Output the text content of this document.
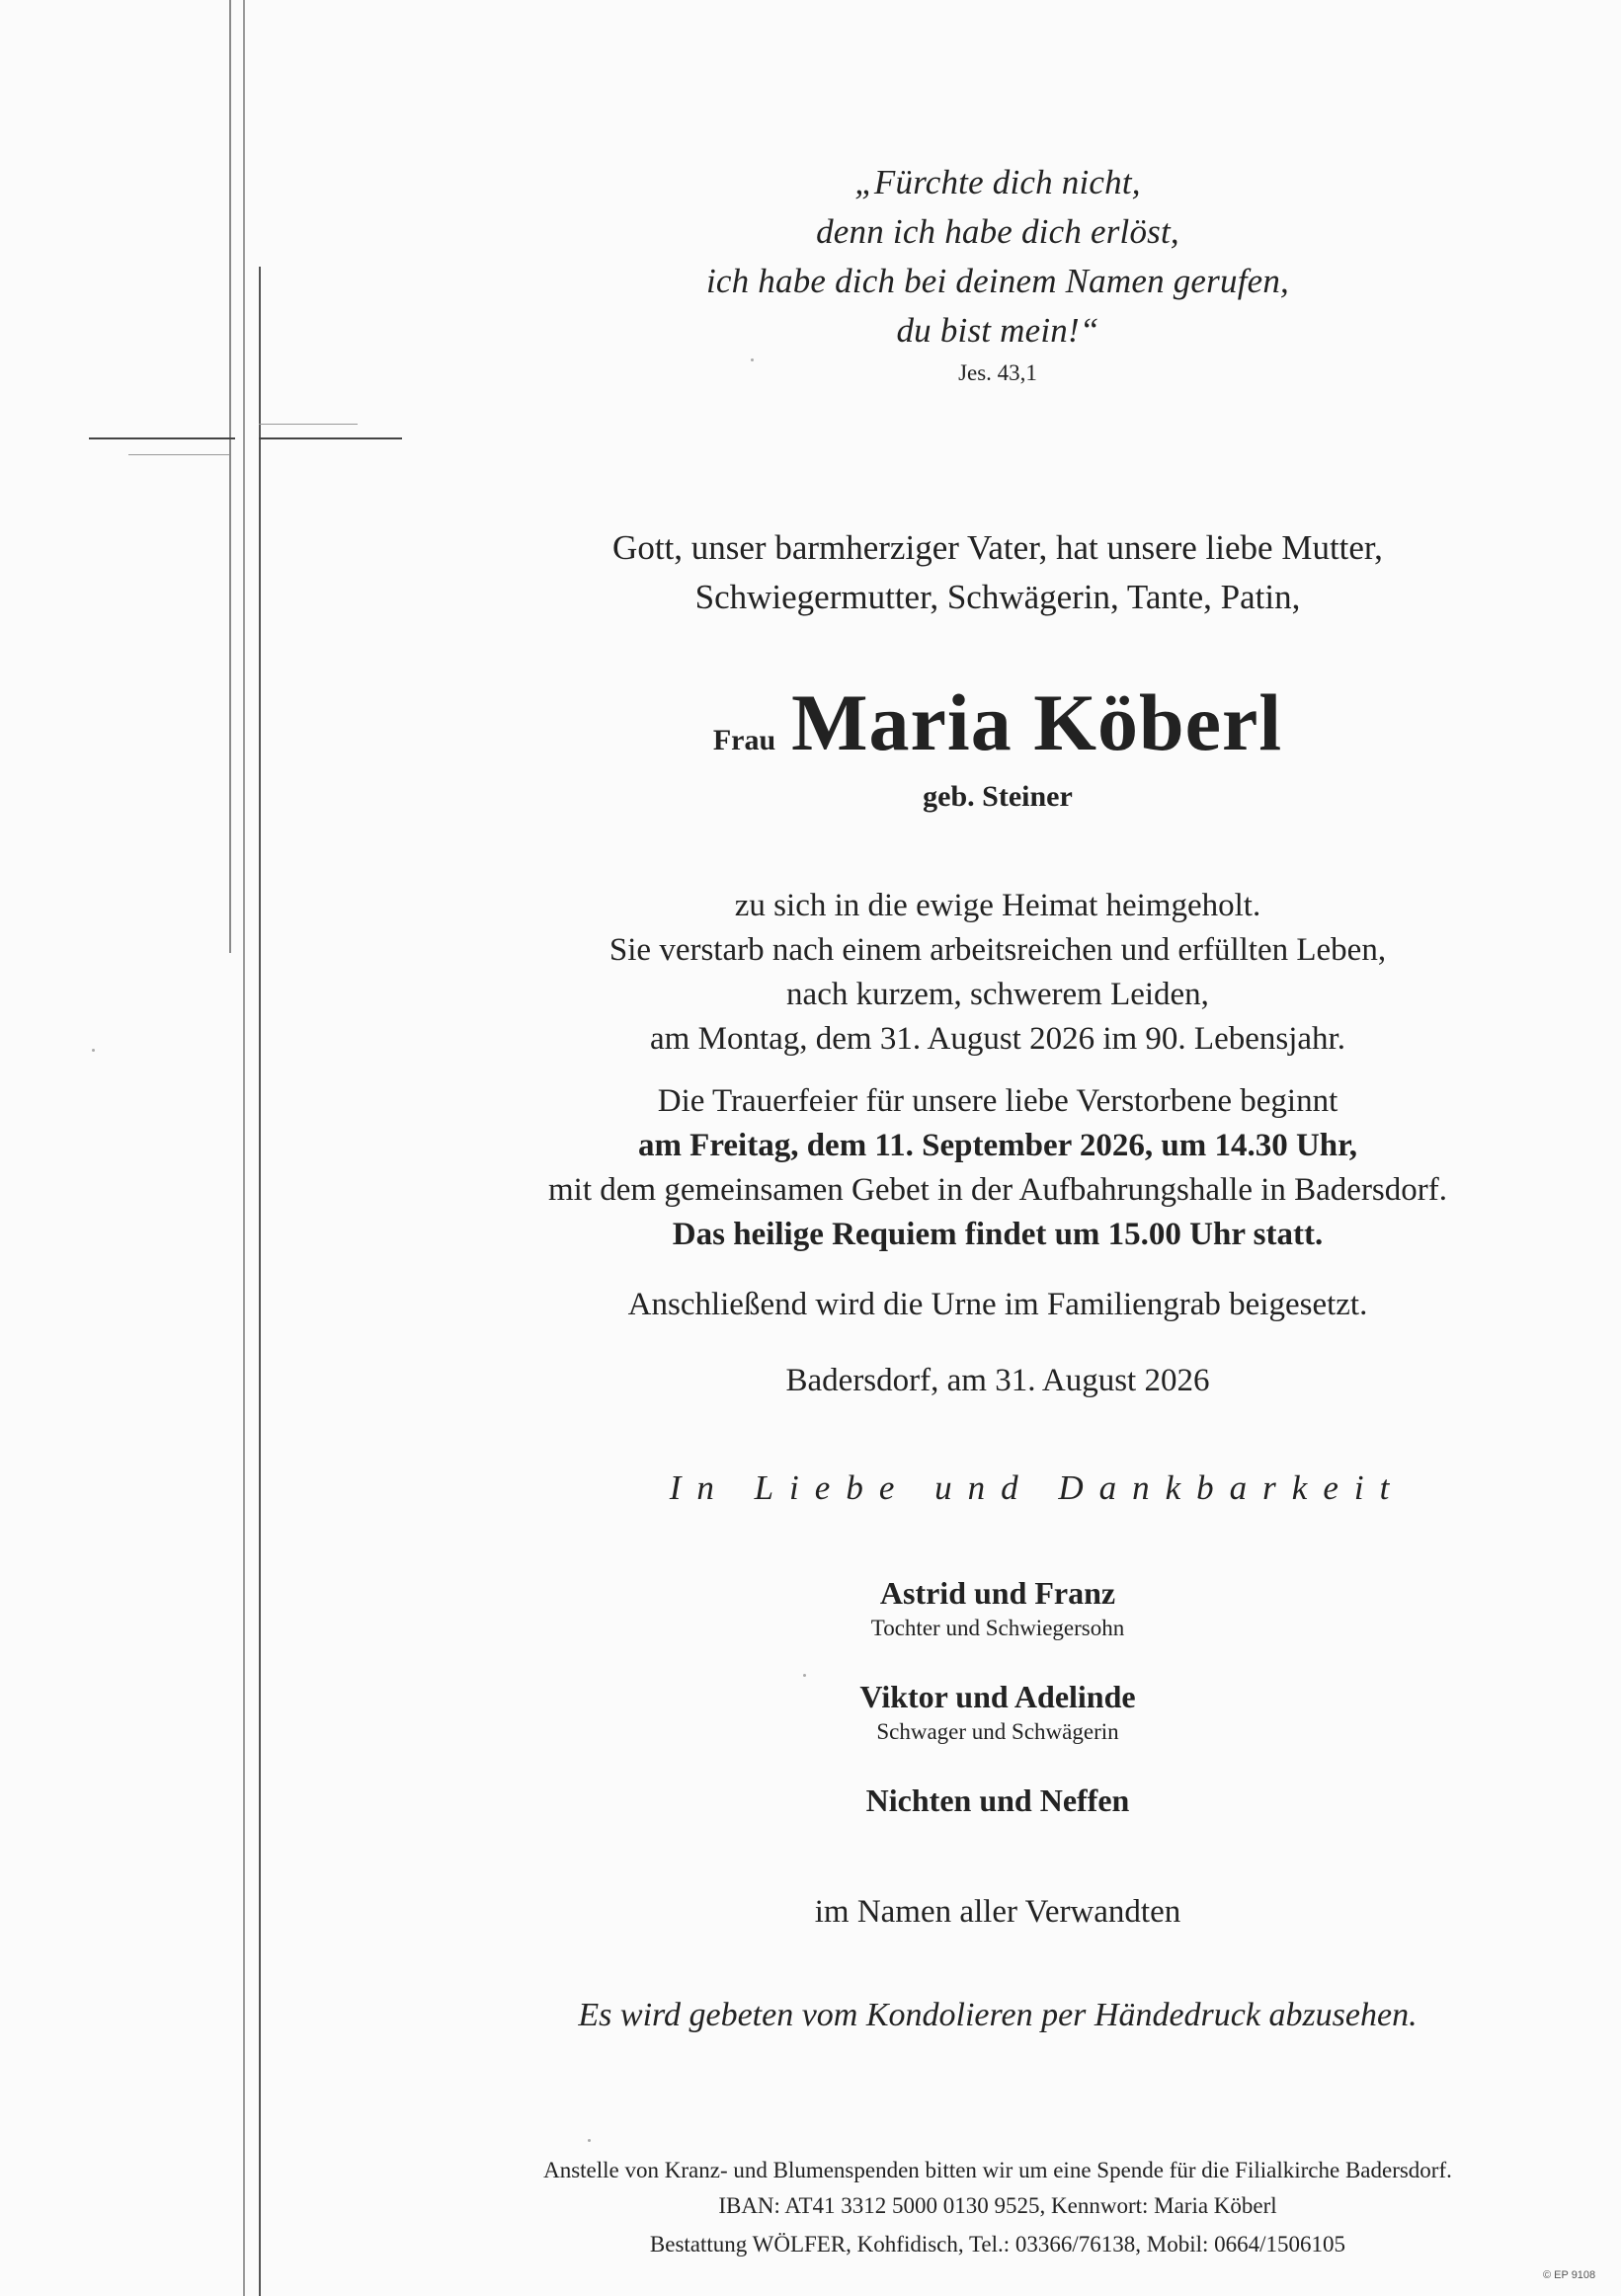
„Fürchte dich nicht,
denn ich habe dich erlöst,
ich habe dich bei deinem Namen gerufen,
du bist mein!“
Jes. 43,1
Gott, unser barmherziger Vater, hat unsere liebe Mutter,
Schwiegermutter, Schwägerin, Tante, Patin,
Frau Maria Köberl
geb. Steiner
zu sich in die ewige Heimat heimgeholt.
Sie verstarb nach einem arbeitsreichen und erfüllten Leben,
nach kurzem, schwerem Leiden,
am Montag, dem 31. August 2026 im 90. Lebensjahr.
Die Trauerfeier für unsere liebe Verstorbene beginnt
am Freitag, dem 11. September 2026, um 14.30 Uhr,
mit dem gemeinsamen Gebet in der Aufbahrungshalle in Badersdorf.
Das heilige Requiem findet um 15.00 Uhr statt.
Anschließend wird die Urne im Familiengrab beigesetzt.
Badersdorf, am 31. August 2026
In Liebe und Dankbarkeit
Astrid und Franz
Tochter und Schwiegersohn
Viktor und Adelinde
Schwager und Schwägerin
Nichten und Neffen
im Namen aller Verwandten
Es wird gebeten vom Kondolieren per Händedruck abzusehen.
Anstelle von Kranz- und Blumenspenden bitten wir um eine Spende für die Filialkirche Badersdorf.
IBAN: AT41 3312 5000 0130 9525, Kennwort: Maria Köberl
Bestattung WÖLFER, Kohfidisch, Tel.: 03366/76138, Mobil: 0664/1506105
© EP 9108
